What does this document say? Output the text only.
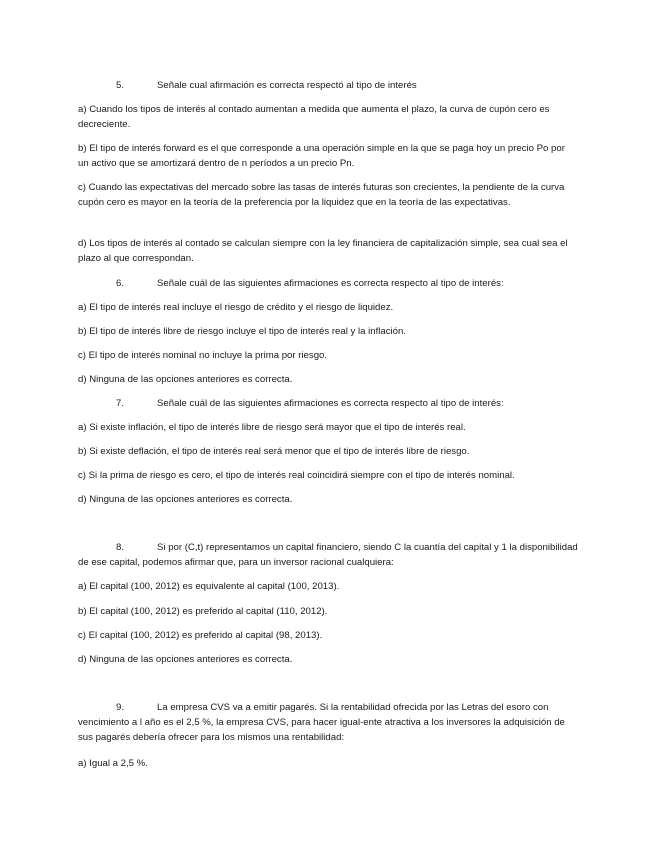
5.	Señale cual afirmación es correcta respectó al tipo de interés
a) Cuando los tipos de interés al contado aumentan a medida que aumenta el plazo, la curva de cupón cero es decreciente.
b) El tipo de interés forward es el que corresponde a una operación simple en la que se paga hoy un precio Po por un activo que se amortizará dentro de n períodos a un precio Pn.
c) Cuando las expectativas del mercado sobre las tasas de interés futuras son crecientes, la pendiente de la curva cupón cero es mayor en la teoría de la preferencia por la liquidez que en la teoría de las expectativas.
d) Los tipos de interés al contado se calculan siempre con la ley financiera de capitalización simple, sea cual sea el plazo al que correspondan.
6.	Señale cuál de las siguientes afirmaciones es correcta respecto al tipo de interés:
a) El tipo de interés real incluye el riesgo de crédito y el riesgo de liquidez.
b) El tipo de interés libre de riesgo incluye el tipo de interés real y la inflación.
c) El tipo de interés nominal no incluye la prima por riesgo.
d) Ninguna de las opciones anteriores es correcta.
7.	Señale cuál de las siguientes afirmaciones es correcta respecto al tipo de interés:
a) Si existe inflación, el tipo de interés libre de riesgo será mayor que el tipo de interés real.
b) Si existe deflación, el tipo de interés real será menor que el tipo de interés libre de riesgo.
c) Si la prima de riesgo es cero, el tipo de interés real coincidirá siempre con el tipo de interés nominal.
d) Ninguna de las opciones anteriores es correcta.
8.	Si por (C,t) representamos un capital financiero, siendo C la cuantía del capital y 1 la disponibilidad de ese capital, podemos afirmar que, para un inversor racional cualquiera:
a) El capital (100, 2012) es equivalente al capital (100, 2013).
b) El capital (100, 2012) es preferido al capital (110, 2012).
c) El capital (100, 2012) es preferido al capital (98, 2013).
d) Ninguna de las opciones anteriores es correcta.
9.	La empresa CVS va a emitir pagarés. Si la rentabilidad ofrecida por las Letras del esoro con vencimiento a l año es el 2,5 %, la empresa CVS, para hacer igual-ente atractiva a los inversores la adquisición de sus pagarés debería ofrecer para los mismos una rentabilidad:
a) Igual a 2,5 %.
